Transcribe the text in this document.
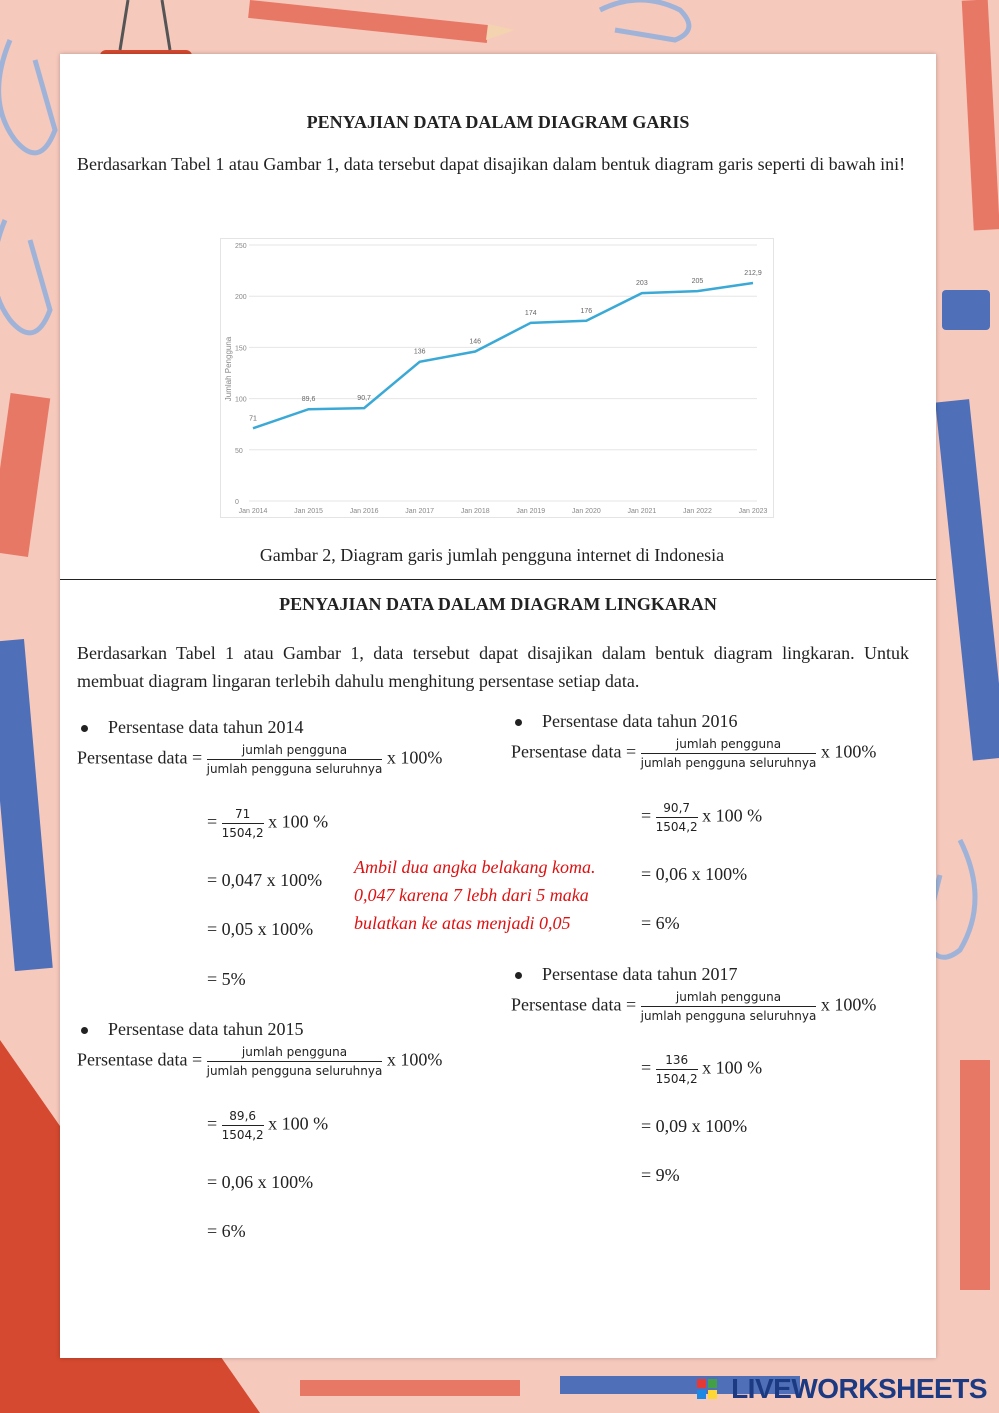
PENYAJIAN DATA DALAM DIAGRAM GARIS
Berdasarkan Tabel 1 atau Gambar 1, data tersebut dapat disajikan dalam bentuk diagram garis seperti di bawah ini!
Jumlah Pengguna
71
89,6	90,7
136
146
174	176
203	205
212,9
0
50
100
150
200
250
Jan 2014	Jan 2015	Jan 2016	Jan 2017	Jan 2018	Jan 2019	Jan 2020	Jan 2021	Jan 2022	Jan 2023
Gambar 2, Diagram garis jumlah pengguna internet di Indonesia
PENYAJIAN DATA DALAM DIAGRAM LINGKARAN
Berdasarkan Tabel 1 atau Gambar 1, data tersebut dapat disajikan dalam bentuk diagram lingkaran. Untuk membuat diagram lingaran terlebih dahulu menghitung persentase setiap data.
Persentase data tahun 2014
Persentase data = $\frac{\text{jumlah pengguna}}{\text{jumlah pengguna seluruhnya}}$ x 100%
= $\frac{71}{1504,2}$ x 100 %
= 0,047 x 100%
= 0,05 x 100%
= 5%
Ambil dua angka belakang koma.
0,047 karena 7 lebh dari 5 maka
bulatkan ke atas menjadi 0,05
Persentase data tahun 2015
Persentase data = $\frac{\text{jumlah pengguna}}{\text{jumlah pengguna seluruhnya}}$ x 100%
= $\frac{89,6}{1504,2}$ x 100 %
= 0,06 x 100%
= 6%
Persentase data tahun 2016
Persentase data = $\frac{\text{jumlah pengguna}}{\text{jumlah pengguna seluruhnya}}$ x 100%
= $\frac{90,7}{1504,2}$ x 100 %
= 0,06 x 100%
= 6%
Persentase data tahun 2017
Persentase data = $\frac{\text{jumlah pengguna}}{\text{jumlah pengguna seluruhnya}}$ x 100%
= $\frac{136}{1504,2}$ x 100 %
= 0,09 x 100%
= 9%
LIVEWORKSHEETS
